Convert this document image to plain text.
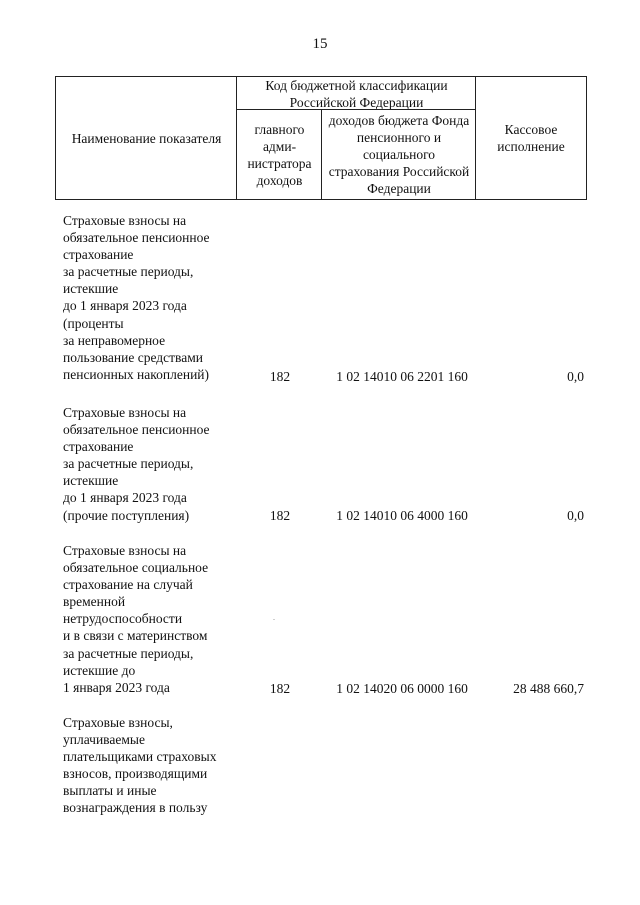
15
Наименование показателя
Код бюджетной классификации Российской Федерации
главного адми-нистратора доходов
доходов бюджета Фонда пенсионного и социального страхования Российской Федерации
Кассовое исполнение
Страховые взносы на
обязательное пенсионное
страхование
за расчетные периоды,
истекшие
до 1 января 2023 года
(проценты
за неправомерное
пользование средствами
пенсионных накоплений)	182	1 02 14010 06 2201 160	0,0
Страховые взносы на
обязательное пенсионное
страхование
за расчетные периоды,
истекшие
до 1 января 2023 года
(прочие поступления)	182	1 02 14010 06 4000 160	0,0
Страховые взносы на
обязательное социальное
страхование на случай
временной
нетрудоспособности
и в связи с материнством
за расчетные периоды,
истекшие до
1 января 2023 года	182	1 02 14020 06 0000 160	28 488 660,7
Страховые взносы,
уплачиваемые
плательщиками страховых
взносов, производящими
выплаты и иные
вознаграждения в пользу
